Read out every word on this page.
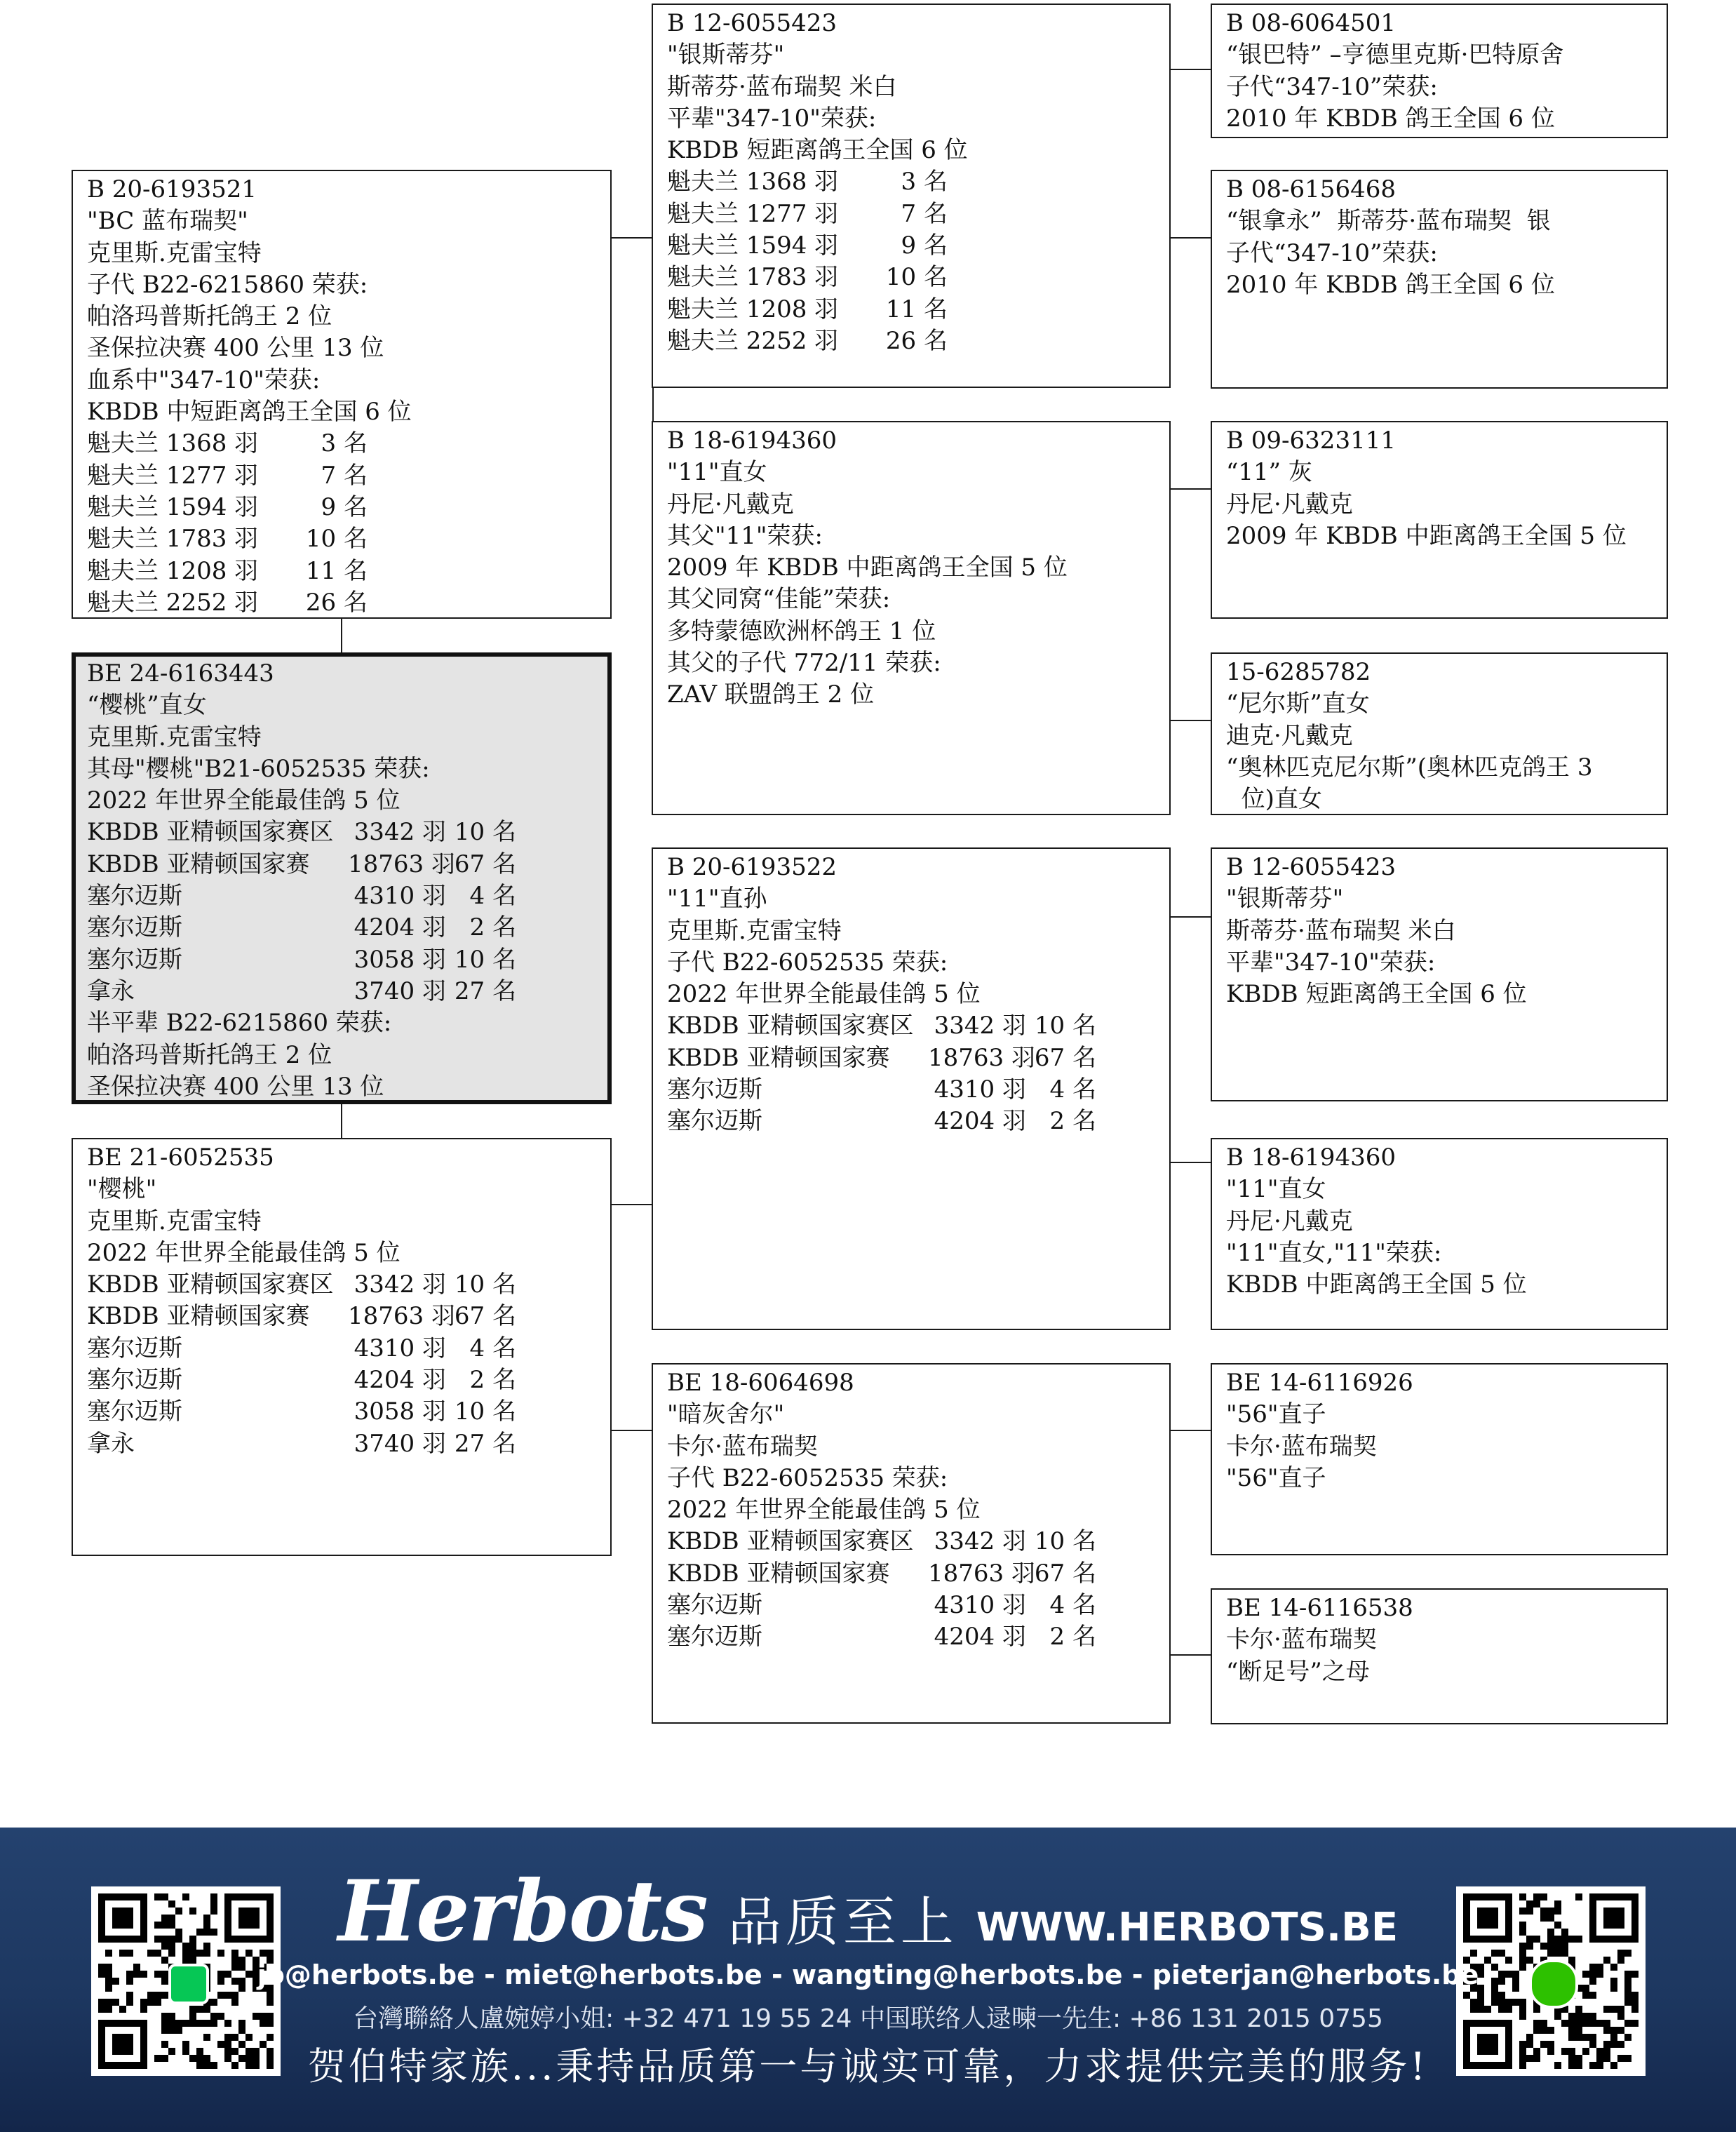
B 20-6193521
"BC 蓝布瑞契"
克里斯.克雷宝特
子代 B22-6215860 荣获:
帕洛玛普斯托鸽王 2 位
圣保拉决赛 400 公里 13 位
血系中"347-10"荣获:
KBDB 中短距离鸽王全国 6 位
魁夫兰 1368 羽	3 名
魁夫兰 1277 羽	7 名
魁夫兰 1594 羽	9 名
魁夫兰 1783 羽 10 名
魁夫兰 1208 羽 11 名
魁夫兰 2252 羽 26 名
BE 24-6163443
“樱桃”直女
克里斯.克雷宝特
其母"樱桃"B21-6052535 荣获:
2022 年世界全能最佳鸽 5 位
KBDB 亚精顿国家赛区 3342 羽 10 名
KBDB 亚精顿国家赛 18763 羽67 名
塞尔迈斯	4310 羽 4 名
塞尔迈斯	4204 羽 2 名
塞尔迈斯	3058 羽 10 名
拿永	3740 羽 27 名
半平辈 B22-6215860 荣获:
帕洛玛普斯托鸽王 2 位
圣保拉决赛 400 公里 13 位
BE 21-6052535
"樱桃"
克里斯.克雷宝特
2022 年世界全能最佳鸽 5 位
KBDB 亚精顿国家赛区 3342 羽 10 名
KBDB 亚精顿国家赛 18763 羽67 名
塞尔迈斯	4310 羽 4 名
塞尔迈斯	4204 羽 2 名
塞尔迈斯	3058 羽 10 名
拿永	3740 羽 27 名
B 12-6055423
"银斯蒂芬"
斯蒂芬·蓝布瑞契 米白
平辈"347-10"荣获:
KBDB 短距离鸽王全国 6 位
魁夫兰 1368 羽	3 名
魁夫兰 1277 羽	7 名
魁夫兰 1594 羽	9 名
魁夫兰 1783 羽 10 名
魁夫兰 1208 羽 11 名
魁夫兰 2252 羽 26 名
B 18-6194360
"11"直女
丹尼·凡戴克
其父"11"荣获:
2009 年 KBDB 中距离鸽王全国 5 位
其父同窝“佳能”荣获:
多特蒙德欧洲杯鸽王 1 位
其父的子代 772/11 荣获:
ZAV 联盟鸽王 2 位
B 20-6193522
"11"直孙
克里斯.克雷宝特
子代 B22-6052535 荣获:
2022 年世界全能最佳鸽 5 位
KBDB 亚精顿国家赛区 3342 羽 10 名
KBDB 亚精顿国家赛 18763 羽67 名
塞尔迈斯	4310 羽 4 名
塞尔迈斯	4204 羽 2 名
BE 18-6064698
"暗灰舍尔"
卡尔·蓝布瑞契
子代 B22-6052535 荣获:
2022 年世界全能最佳鸽 5 位
KBDB 亚精顿国家赛区 3342 羽 10 名
KBDB 亚精顿国家赛 18763 羽67 名
塞尔迈斯	4310 羽 4 名
塞尔迈斯	4204 羽 2 名
B 08-6064501
“银巴特” –亨德里克斯·巴特原舍
子代“347-10”荣获:
2010 年 KBDB 鸽王全国 6 位
B 08-6156468
“银拿永”  斯蒂芬·蓝布瑞契  银
子代“347-10”荣获:
2010 年 KBDB 鸽王全国 6 位
B 09-6323111
“11” 灰
丹尼·凡戴克
2009 年 KBDB 中距离鸽王全国 5 位
15-6285782
“尼尔斯”直女
迪克·凡戴克
“奥林匹克尼尔斯”(奥林匹克鸽王 3
位)直女
B 12-6055423
"银斯蒂芬"
斯蒂芬·蓝布瑞契 米白
平辈"347-10"荣获:
KBDB 短距离鸽王全国 6 位
B 18-6194360
"11"直女
丹尼·凡戴克
"11"直女,"11"荣获:
KBDB 中距离鸽王全国 5 位
BE 14-6116926
"56"直子
卡尔·蓝布瑞契
"56"直子
BE 14-6116538
卡尔·蓝布瑞契
“断足号”之母
Herbots 品质至上 WWW.HERBOTS.BE
jo@herbots.be - miet@herbots.be - wangting@herbots.be - pieterjan@herbots.be
台灣聯絡人盧婉婷小姐: +32 471 19 55 24 中国联络人逯暕一先生: +86 131 2015 0755
贺伯特家族...秉持品质第一与诚实可靠，力求提供完美的服务!
